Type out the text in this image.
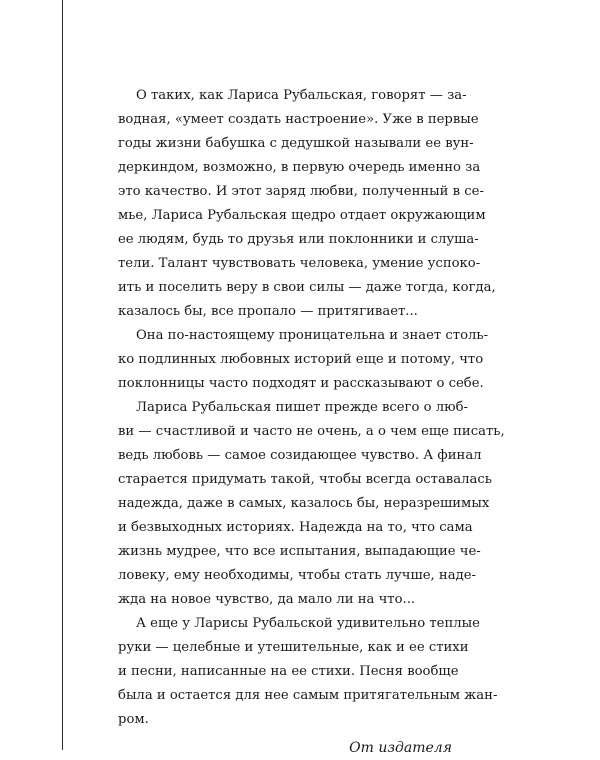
О таких, как Лариса Рубальская, говорят — за-
водная, «умеет создать настроение». Уже в первые
годы жизни бабушка с дедушкой называли ее вун-
деркиндом, возможно, в первую очередь именно за
это качество. И этот заряд любви, полученный в се-
мье, Лариса Рубальская щедро отдает окружающим
ее людям, будь то друзья или поклонники и слуша-
тели. Талант чувствовать человека, умение успоко-
ить и поселить веру в свои силы — даже тогда, когда,
казалось бы, все пропало — притягивает...

Она по-настоящему проницательна и знает столь-
ко подлинных любовных историй еще и потому, что
поклонницы часто подходят и рассказывают о себе.

Лариса Рубальская пишет прежде всего о люб-
ви — счастливой и часто не очень, а о чем еще писать,
ведь любовь — самое созидающее чувство. А финал
старается придумать такой, чтобы всегда оставалась
надежда, даже в самых, казалось бы, неразрешимых
и безвыходных историях. Надежда на то, что сама
жизнь мудрее, что все испытания, выпадающие че-
ловеку, ему необходимы, чтобы стать лучше, наде-
жда на новое чувство, да мало ли на что...

А еще у Ларисы Рубальской удивительно теплые
руки — целебные и утешительные, как и ее стихи
и песни, написанные на ее стихи. Песня вообще
была и остается для нее самым притягательным жан-
ром.

От издателя
